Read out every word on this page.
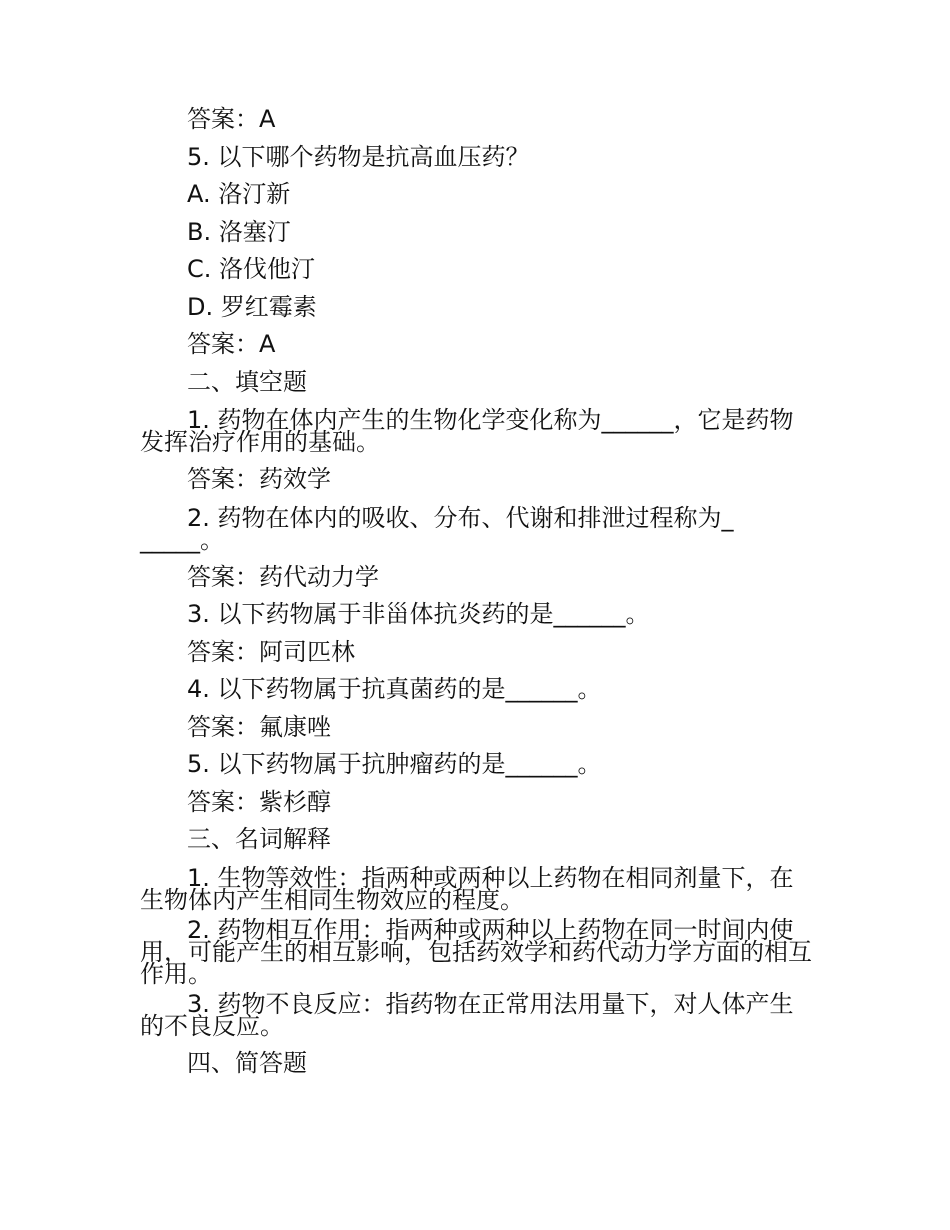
答案：A
5. 以下哪个药物是抗高血压药？
A. 洛汀新
B. 洛塞汀
C. 洛伐他汀
D. 罗红霉素
答案：A
二、填空题
1. 药物在体内产生的生物化学变化称为______，它是药物发挥治疗作用的基础。
答案：药效学
2. 药物在体内的吸收、分布、代谢和排泄过程称为______。
答案：药代动力学
3. 以下药物属于非甾体抗炎药的是______。
答案：阿司匹林
4. 以下药物属于抗真菌药的是______。
答案：氟康唑
5. 以下药物属于抗肿瘤药的是______。
答案：紫杉醇
三、名词解释
1. 生物等效性：指两种或两种以上药物在相同剂量下，在生物体内产生相同生物效应的程度。
2. 药物相互作用：指两种或两种以上药物在同一时间内使用，可能产生的相互影响，包括药效学和药代动力学方面的相互作用。
3. 药物不良反应：指药物在正常用法用量下，对人体产生的不良反应。
四、简答题
